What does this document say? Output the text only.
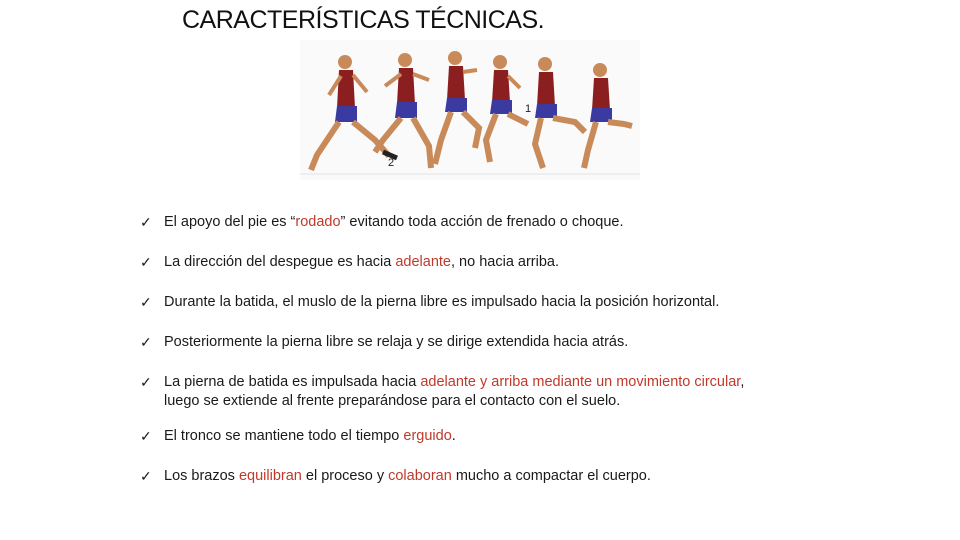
CARACTERÍSTICAS TÉCNICAS.
1
2
✓ El apoyo del pie es “rodado” evitando toda acción de frenado o choque.
✓ La dirección del despegue es hacia adelante, no hacia arriba.
✓ Durante la batida, el muslo de la pierna libre es impulsado hacia la posición horizontal.
✓ Posteriormente la pierna libre se relaja y se dirige extendida hacia atrás.
✓ La pierna de batida es impulsada hacia adelante y arriba mediante un movimiento circular,
luego se extiende al frente preparándose para el contacto con el suelo.
✓ El tronco se mantiene todo el tiempo erguido.
✓ Los brazos equilibran el proceso y colaboran mucho a compactar el cuerpo.
